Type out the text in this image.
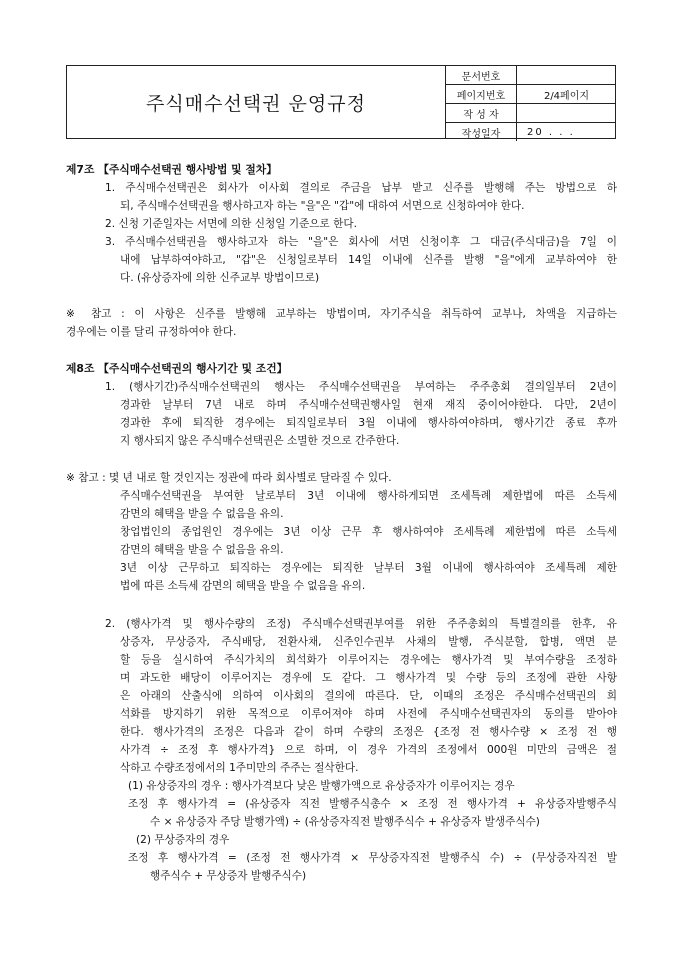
주식매수선택권 운영규정
문서번호	
페이지번호	2/4페이지
작 성 자	
작성일자	20 . . .
제7조 【주식매수선택권 행사방법 및 절차】
1. 주식매수선택권은 회사가 이사회 결의로 주금을 납부 받고 신주를 발행해 주는 방법으로 하
되, 주식매수선택권을 행사하고자 하는 "을"은 "갑"에 대하여 서면으로 신청하여야 한다.
2. 신청 기준일자는 서면에 의한 신청일 기준으로 한다.
3. 주식매수선택권을 행사하고자 하는 "을"은 회사에 서면 신청이후 그 대금(주식대금)을 7일 이
내에 납부하여야하고, "갑"은 신청일로부터 14일 이내에 신주를 발행 "을"에게 교부하여야 한
다. (유상증자에 의한 신주교부 방법이므로)
※ 참고 : 이 사항은 신주를 발행해 교부하는 방법이며, 자기주식을 취득하여 교부나, 차액을 지급하는
경우에는 이를 달리 규정하여야 한다.
제8조 【주식매수선택권의 행사기간 및 조건】
1. (행사기간)주식매수선택권의 행사는 주식매수선택권을 부여하는 주주총회 결의일부터 2년이
경과한 날부터 7년 내로 하며 주식매수선택권행사일 현재 재직 중이어야한다. 다만, 2년이
경과한 후에 퇴직한 경우에는 퇴직일로부터 3월 이내에 행사하여야하며, 행사기간 종료 후까
지 행사되지 않은 주식매수선택권은 소멸한 것으로 간주한다.
※ 참고 : 몇 년 내로 할 것인지는 정관에 따라 회사별로 달라질 수 있다.
주식매수선택권을 부여한 날로부터 3년 이내에 행사하게되면 조세특례 제한법에 따른 소득세
감면의 혜택을 받을 수 없음을 유의.
창업법인의 종업원인 경우에는 3년 이상 근무 후 행사하여야 조세특례 제한법에 따른 소득세
감면의 혜택을 받을 수 없음을 유의.
3년 이상 근무하고 퇴직하는 경우에는 퇴직한 날부터 3월 이내에 행사하여야 조세특례 제한
법에 따른 소득세 감면의 혜택을 받을 수 없음을 유의.
2. (행사가격 및 행사수량의 조정) 주식매수선택권부여를 위한 주주총회의 특별결의를 한후, 유
상증자, 무상증자, 주식배당, 전환사채, 신주인수권부 사채의 발행, 주식분할, 합병, 액면 분
할 등을 실시하여 주식가치의 희석화가 이루어지는 경우에는 행사가격 및 부여수량을 조정하
며 과도한 배당이 이루어지는 경우에 도 같다. 그 행사가격 및 수량 등의 조정에 관한 사항
은 아래의 산출식에 의하여 이사회의 결의에 따른다. 단, 이때의 조정은 주식매수선택권의 희
석화를 방지하기 위한 목적으로 이루어져야 하며 사전에 주식매수선택권자의 동의를 받아야
한다. 행사가격의 조정은 다음과 같이 하며 수량의 조정은 {조정 전 행사수량 × 조정 전 행
사가격 ÷ 조정 후 행사가격} 으로 하며, 이 경우 가격의 조정에서 000원 미만의 금액은 절
삭하고 수량조정에서의 1주미만의 주주는 절삭한다.
(1) 유상증자의 경우 : 행사가격보다 낮은 발행가액으로 유상증자가 이루어지는 경우
조정 후 행사가격 = (유상증자 직전 발행주식총수 × 조정 전 행사가격 + 유상증자발행주식
수 × 유상증자 주당 발행가액) ÷ (유상증자직전 발행주식수 + 유상증자 발생주식수)
(2) 무상증자의 경우
조정 후 행사가격 = (조정 전 행사가격 × 무상증자직전 발행주식 수) ÷ (무상증자직전 발
행주식수 + 무상증자 발행주식수)
